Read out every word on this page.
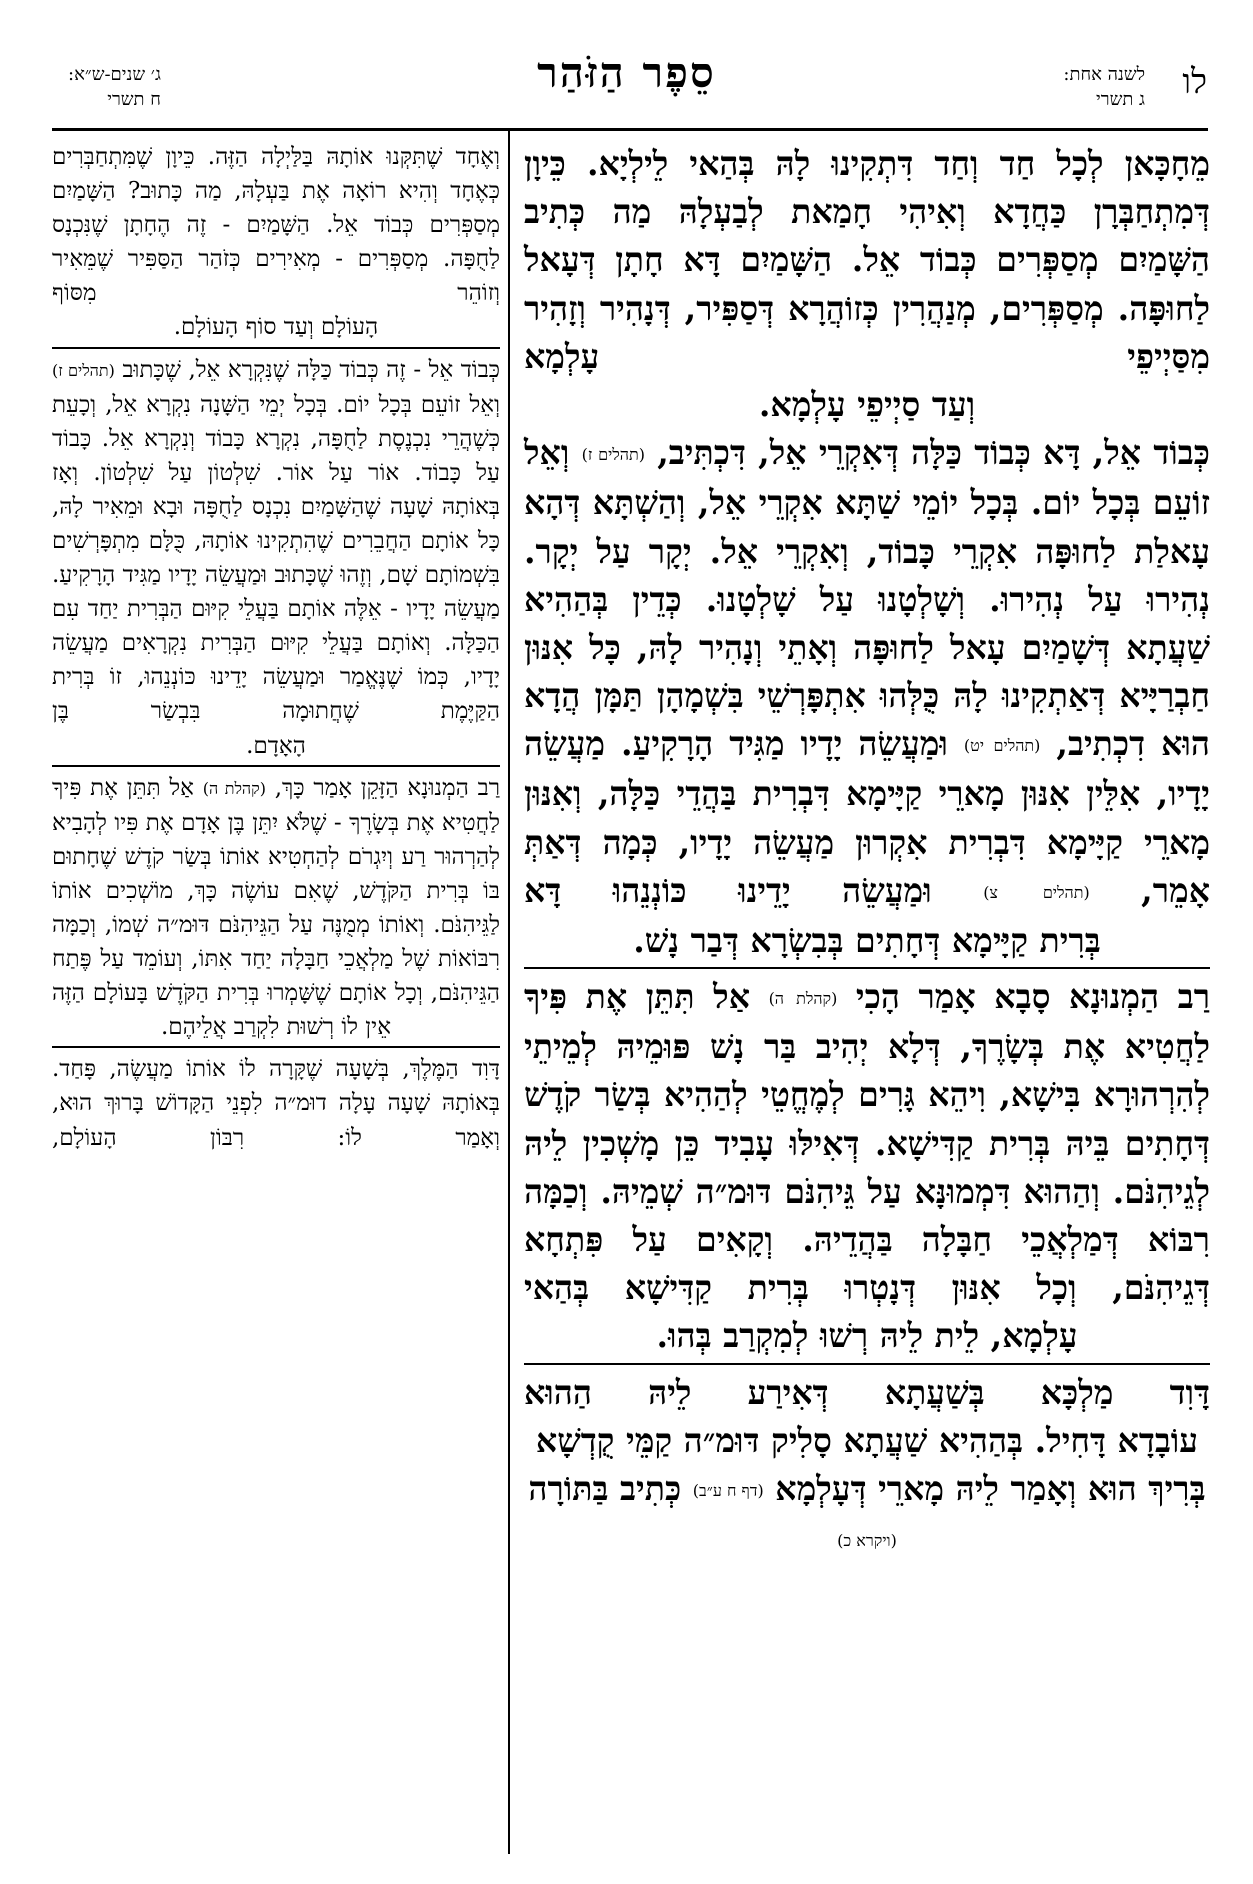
לו
לשנה אחת:
ג תשרי
סֵפֶר הַזֹּהַר
ג׳ שנים-ש״א:
ח תשרי

מֵחָכָּאן לְכָל חַד וְחַד דִּתְקִינוּ לָהּ בְּהַאי לֵילְיָא. כֵּיוָן דְּמִתְחַבְּרָן כַּחֲדָא וְאִיהִי חָמַאת לְבַעְלָהּ מַה כְּתִיב הַשָּׁמַיִם מְסַפְּרִים כְּבוֹד אֵל. הַשָּׁמַיִם דָּא חָתָן דְּעָאל לַחוּפָּה. מְסַפְּרִים, מְנַהֲרִין כְּזוֹהֲרָא דְּסַפִּיר, דְּנָהִיר וְזָהִיר מִסַּיְיפֵי עָלְמָא

וְעַד סַיְיפֵי עָלְמָא.

כְּבוֹד אֵל, דָּא כְּבוֹד כַּלָּה דְּאִקְרֵי אֵל, דִּכְתִּיב, (תהלים ז) וְאֵל זוֹעֵם בְּכָל יוֹם. בְּכָל יוֹמֵי שַׁתָּא אִקְרֵי אֵל, וְהַשְׁתָּא דְּהָא עָאלַת לַחוּפָּה אִקְרֵי כָּבוֹד, וְאִקְרֵי אֵל. יְקָר עַל יְקָר. נְהִירוּ עַל נְהִירוּ. וְשָׁלְטָנוּ עַל שָׁלְטָנוּ. כְּדֵין בְּהַהִיא שַׁעֲתָא דְּשָׁמַיִם עָאל לַחוּפָּה וְאָתֵי וְנָהִיר לָהּ, כָּל אִנּוּן חַבְרַיָּיא דְּאַתְקִינוּ לָהּ כֻּלְּהוּ אִתְפָּרְשֵׁי בִּשְׁמָהָן תַּמָּן הֲדָא הוּא דִכְתִיב, (תהלים יט) וּמַעֲשֵׂה יָדָיו מַגִּיד הָרָקִיעַ. מַעֲשֵׂה יָדָיו, אִלֵּין אִנּוּן מָארֵי קַיָּימָא דִּבְרִית בַּהֲדֵי כַּלָּה, וְאִנּוּן מָארֵי קַיָּימָא דִּבְרִית אִקְרוּן מַעֲשֵׂה יָדָיו, כְּמָה דְּאַתְּ אָמֵר, (תהלים צ) וּמַעֲשֵׂה יָדֵינוּ כּוֹנְנֵהוּ דָּא

בְּרִית קַיָּימָא דְּחָתִים בְּבִשְׂרָא דְּבַר נָשׁ.

רַב הַמְנוּנָא סָבָא אָמַר הָכִי (קהלת ה) אַל תִּתֵּן אֶת פִּיךָ לַחֲטִיא אֶת בְּשָׂרֶךָ, דְּלָא יְהִיב בַּר נָשׁ פּוּמֵיהּ לְמֵיתֵי לְהִרְהוּרָא בִּישָׁא, וִיהֵא גָּרִים לְמֶחֱטֵי לְהַהִיא בְּשַׂר קֹדֶשׁ דְּחָתִים בֵּיהּ בְּרִית קַדִּישָׁא. דְּאִילּוּ עָבִיד כֵּן מָשְׁכִין לֵיהּ לְגֵיהִנֹּם. וְהַהוּא דִּמְמוּנָּא עַל גֵּיהִנֹּם דּוּמ״ה שְׁמֵיהּ. וְכַמָּה רִבּוֹא דְּמַלְאֲכֵי חַבָּלָה בַּהֲדֵיהּ. וְקָאִים עַל פִּתְחָא דְּגֵיהִנֹּם, וְכָל אִנּוּן דְּנָטְרוּ בְּרִית קַדִּישָׁא בְּהַאי

עָלְמָא, לֵית לֵיהּ רְשׁוּ לְמִקְרַב בְּהוּ.

דָּוִד מַלְכָּא בְּשַׁעֲתָא דְּאִירַע לֵיהּ הַהוּא

עוֹבָדָא דָּחִיל. בְּהַהִיא שַׁעֲתָא סָלִיק דּוּמ״ה קַמֵּי קֻדְשָׁא בְּרִיךְ הוּא וְאָמַר לֵיהּ מָארֵי דְּעָלְמָא (דף ח ע״ב) כְּתִיב בַּתּוֹרָה (ויקרא כ)

וְאֶחָד שֶׁתִּקְּנוּ אוֹתָהּ בַּלַּיְלָה הַזֶּה. כֵּיוָן שֶׁמִּתְחַבְּרִים כְּאֶחָד וְהִיא רוֹאָה אֶת בַּעְלָהּ, מַה כָּתוּב? הַשָּׁמַיִם מְסַפְּרִים כְּבוֹד אֵל. הַשָּׁמַיִם - זֶה הֶחָתָן שֶׁנִּכְנָס לַחֻפָּה. מְסַפְּרִים - מְאִירִים כְּזֹהַר הַסַּפִּיר שֶׁמֵּאִיר וְזוֹהֵר מִסּוֹף

הָעוֹלָם וְעַד סוֹף הָעוֹלָם.

כְּבוֹד אֵל - זֶה כְּבוֹד כַּלָּה שֶׁנִּקְרָא אֵל, שֶׁכָּתוּב (תהלים ז) וְאֵל זוֹעֵם בְּכָל יוֹם. בְּכָל יְמֵי הַשָּׁנָה נִקְרָא אֵל, וְכָעֵת כְּשֶׁהֲרֵי נִכְנֶסֶת לַחֻפָּה, נִקְרָא כָּבוֹד וְנִקְרָא אֵל. כָּבוֹד עַל כָּבוֹד. אוֹר עַל אוֹר. שִׁלְטוֹן עַל שִׁלְטוֹן. וְאָז בְּאוֹתָהּ שָׁעָה שֶׁהַשָּׁמַיִם נִכְנָס לַחֻפָּה וּבָא וּמֵאִיר לָהּ, כָּל אוֹתָם הַחֲבֵרִים שֶׁהִתְקִינוּ אוֹתָהּ, כֻּלָּם מִתְפָּרְשִׁים בִּשְׁמוֹתָם שָׁם, וְזֶהוּ שֶׁכָּתוּב וּמַעֲשֵׂה יָדָיו מַגִּיד הָרָקִיעַ. מַעֲשֵׂה יָדָיו - אֵלֶּה אוֹתָם בַּעֲלֵי קִיּוּם הַבְּרִית יַחַד עִם הַכַּלָּה. וְאוֹתָם בַּעֲלֵי קִיּוּם הַבְּרִית נִקְרָאִים מַעֲשֵׂה יָדָיו, כְּמוֹ שֶׁנֶּאֱמַר וּמַעֲשֵׂה יָדֵינוּ כּוֹנְנֵהוּ, זוֹ בְּרִית הַקַּיֶּמֶת שֶׁחֲתוּמָה בִּבְשַׂר בֶּן

הָאָדָם.

רַב הַמְנוּנָא הַזָּקֵן אָמַר כָּךְ, (קהלת ה) אַל תִּתֵּן אֶת פִּיךָ לַחֲטִיא אֶת בְּשָׂרֶךָ - שֶׁלֹּא יִתֵּן בֶּן אָדָם אֶת פִּיו לְהָבִיא לְהַרְהוּר רַע וְיִגְרֹם לְהַחְטִיא אוֹתוֹ בְּשַׂר קֹדֶשׁ שֶׁחָתוּם בּוֹ בְּרִית הַקֹּדֶשׁ, שֶׁאִם עוֹשֶׂה כָּךְ, מוֹשְׁכִים אוֹתוֹ לַגֵּיהִנֹּם. וְאוֹתוֹ מְמֻנֶּה עַל הַגֵּיהִנֹּם דּוּמ״ה שְׁמוֹ, וְכַמָּה רִבּוֹאוֹת שֶׁל מַלְאֲכֵי חַבָּלָה יַחַד אִתּוֹ, וְעוֹמֵד עַל פֶּתַח הַגֵּיהִנֹּם, וְכָל אוֹתָם שֶׁשָּׁמְרוּ בְּרִית הַקֹּדֶשׁ בָּעוֹלָם הַזֶּה

אֵין לוֹ רְשׁוּת לִקְרַב אֲלֵיהֶם.

דָּוִד הַמֶּלֶךְ, בְּשָׁעָה שֶׁקָּרָה לוֹ אוֹתוֹ מַעֲשֶׂה, פָּחַד. בְּאוֹתָהּ שָׁעָה עָלָה דוּמ״ה לִפְנֵי הַקָּדוֹשׁ בָּרוּךְ הוּא, וְאָמַר לוֹ: רִבּוֹן הָעוֹלָם,
